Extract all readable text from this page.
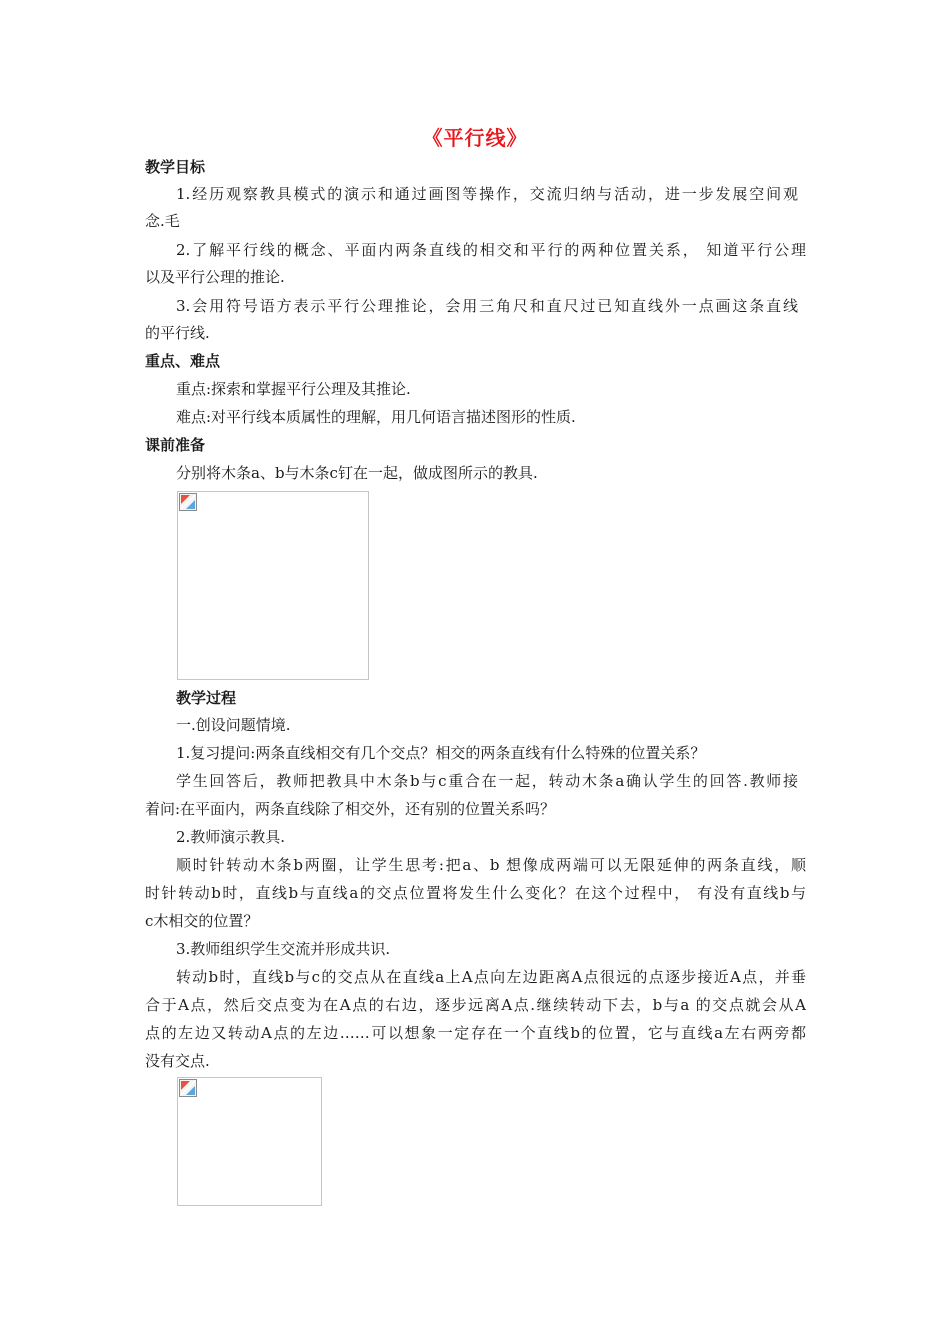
《平行线》
教学目标
1.经历观察教具模式的演示和通过画图等操作，交流归纳与活动，进一步发展空间观
念.毛
2.了解平行线的概念、平面内两条直线的相交和平行的两种位置关系， 知道平行公理
以及平行公理的推论.
3.会用符号语方表示平行公理推论，会用三角尺和直尺过已知直线外一点画这条直线
的平行线.
重点、难点
重点:探索和掌握平行公理及其推论.
难点:对平行线本质属性的理解，用几何语言描述图形的性质.
课前准备
分别将木条a、b与木条c钉在一起，做成图所示的教具.
教学过程
一.创设问题情境.
1.复习提问:两条直线相交有几个交点？相交的两条直线有什么特殊的位置关系？
学生回答后，教师把教具中木条b与c重合在一起，转动木条a确认学生的回答.教师接
着问:在平面内，两条直线除了相交外，还有别的位置关系吗？
2.教师演示教具.
顺时针转动木条b两圈，让学生思考:把a、b 想像成两端可以无限延伸的两条直线，顺
时针转动b时，直线b与直线a的交点位置将发生什么变化？在这个过程中， 有没有直线b与
c木相交的位置？
3.教师组织学生交流并形成共识.
转动b时，直线b与c的交点从在直线a上A点向左边距离A点很远的点逐步接近A点，并垂
合于A点，然后交点变为在A点的右边，逐步远离A点.继续转动下去，b与a 的交点就会从A
点的左边又转动A点的左边……可以想象一定存在一个直线b的位置，它与直线a左右两旁都
没有交点.
